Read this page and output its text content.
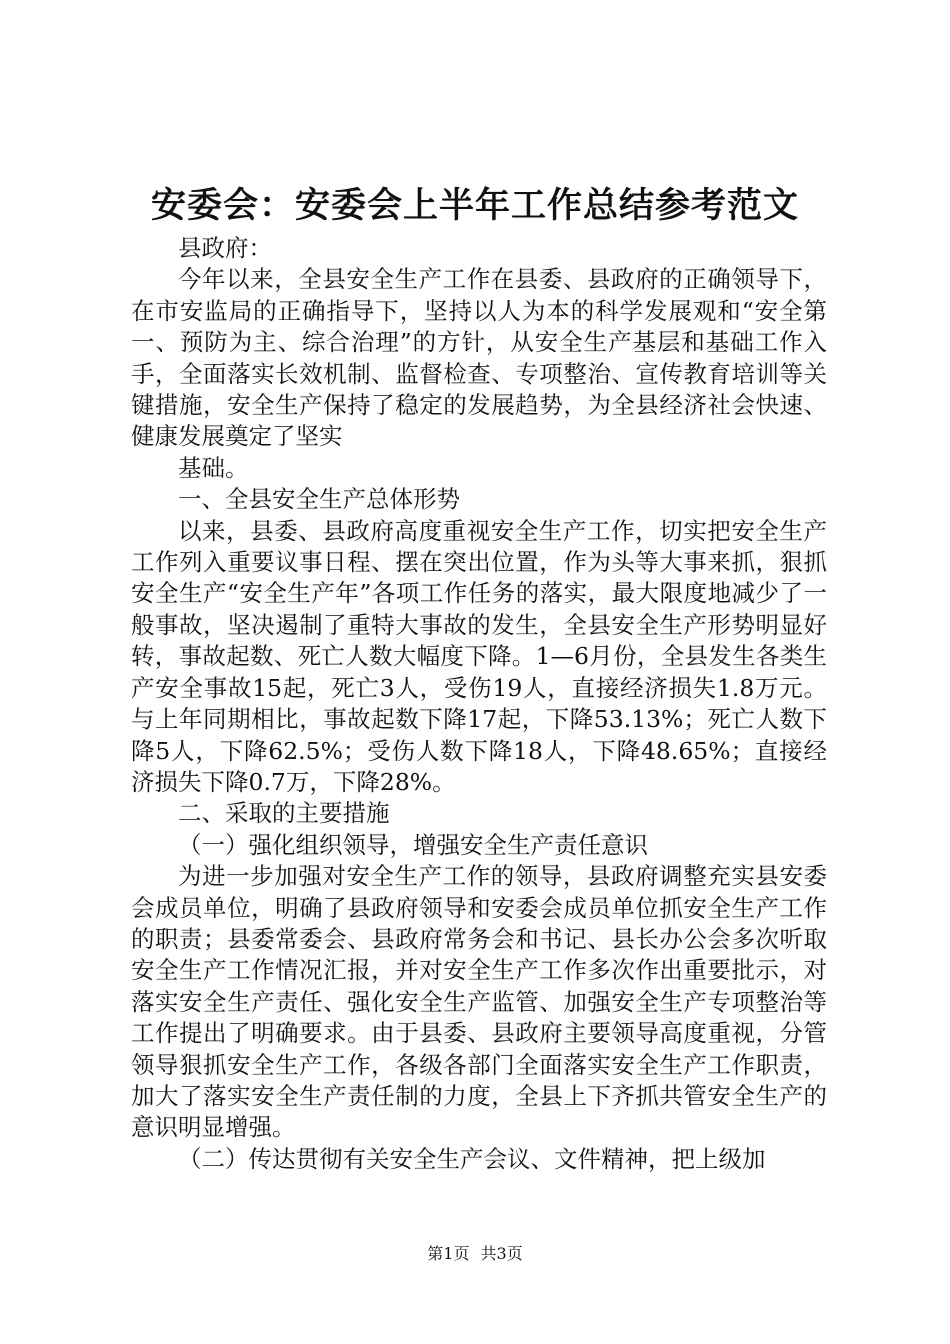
安委会：安委会上半年工作总结参考范文

县政府：

今年以来，全县安全生产工作在县委、县政府的正确领导下，在市安监局的正确指导下，坚持以人为本的科学发展观和“安全第一、预防为主、综合治理”的方针，从安全生产基层和基础工作入手，全面落实长效机制、监督检查、专项整治、宣传教育培训等关键措施，安全生产保持了稳定的发展趋势，为全县经济社会快速、健康发展奠定了坚实

基础。

一、全县安全生产总体形势

以来，县委、县政府高度重视安全生产工作，切实把安全生产工作列入重要议事日程、摆在突出位置，作为头等大事来抓，狠抓安全生产“安全生产年”各项工作任务的落实，最大限度地减少了一般事故，坚决遏制了重特大事故的发生，全县安全生产形势明显好转，事故起数、死亡人数大幅度下降。1—6月份，全县发生各类生产安全事故15起，死亡3人，受伤19人，直接经济损失1.8万元。与上年同期相比，事故起数下降17起，下降53.13%；死亡人数下降5人，下降62.5%；受伤人数下降18人，下降48.65%；直接经济损失下降0.7万，下降28%。

二、采取的主要措施

（一）强化组织领导，增强安全生产责任意识

为进一步加强对安全生产工作的领导，县政府调整充实县安委会成员单位，明确了县政府领导和安委会成员单位抓安全生产工作的职责；县委常委会、县政府常务会和书记、县长办公会多次听取安全生产工作情况汇报，并对安全生产工作多次作出重要批示，对落实安全生产责任、强化安全生产监管、加强安全生产专项整治等工作提出了明确要求。由于县委、县政府主要领导高度重视，分管领导狠抓安全生产工作，各级各部门全面落实安全生产工作职责，加大了落实安全生产责任制的力度，全县上下齐抓共管安全生产的意识明显增强。

（二）传达贯彻有关安全生产会议、文件精神，把上级加

第1页 共3页
